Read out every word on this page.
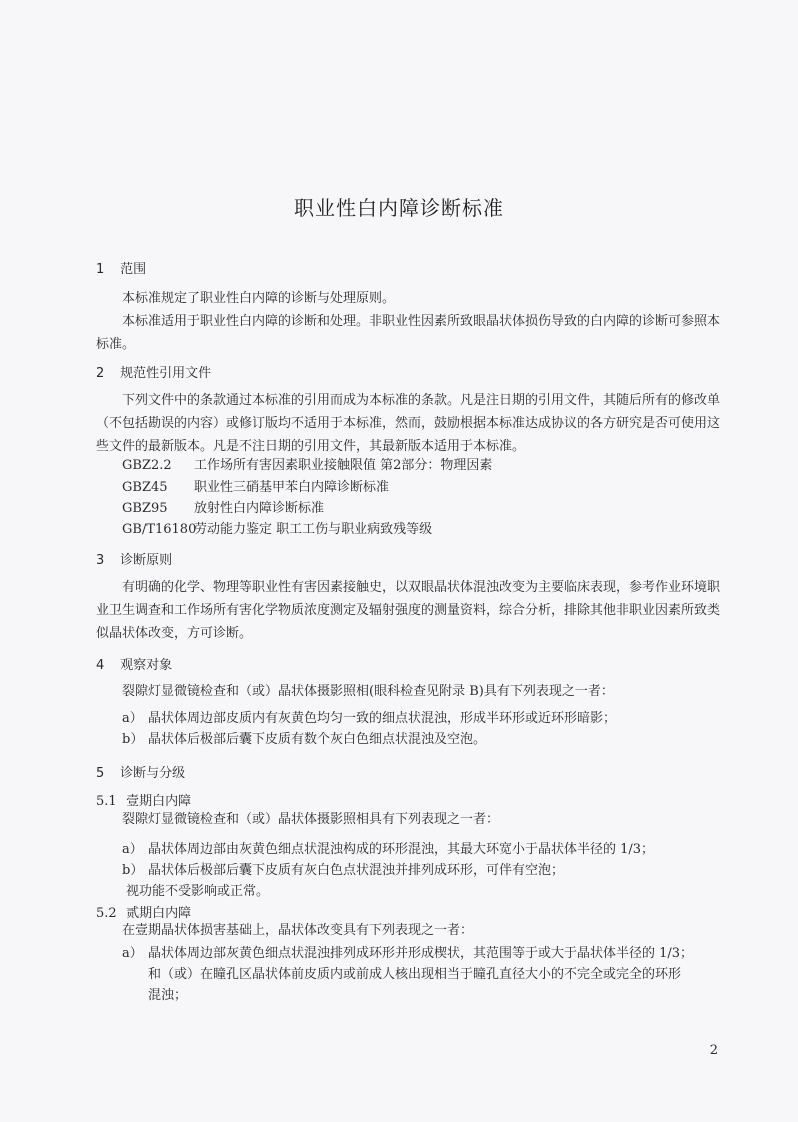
职业性白内障诊断标准
1 范围

本标准规定了职业性白内障的诊断与处理原则。

本标准适用于职业性白内障的诊断和处理。非职业性因素所致眼晶状体损伤导致的白内障的诊断可参照本标准。

2 规范性引用文件

下列文件中的条款通过本标准的引用而成为本标准的条款。凡是注日期的引用文件，其随后所有的修改单（不包括勘误的内容）或修订版均不适用于本标准，然而，鼓励根据本标准达成协议的各方研究是否可使用这些文件的最新版本。凡是不注日期的引用文件，其最新版本适用于本标准。

GBZ2.2 工作场所有害因素职业接触限值 第2部分：物理因素
GBZ45 职业性三硝基甲苯白内障诊断标准
GBZ95 放射性白内障诊断标准
GB/T16180劳动能力鉴定 职工工伤与职业病致残等级
3 诊断原则

有明确的化学、物理等职业性有害因素接触史，以双眼晶状体混浊改变为主要临床表现，参考作业环境职业卫生调查和工作场所有害化学物质浓度测定及辐射强度的测量资料，综合分析，排除其他非职业因素所致类似晶状体改变，方可诊断。

4 观察对象

裂隙灯显微镜检查和（或）晶状体摄影照相(眼科检查见附录 B)具有下列表现之一者：

a） 晶状体周边部皮质内有灰黄色均匀一致的细点状混浊，形成半环形或近环形暗影；
b） 晶状体后极部后囊下皮质有数个灰白色细点状混浊及空泡。
5 诊断与分级
5.1 壹期白内障
裂隙灯显微镜检查和（或）晶状体摄影照相具有下列表现之一者：
a） 晶状体周边部由灰黄色细点状混浊构成的环形混浊，其最大环宽小于晶状体半径的 1/3；
b） 晶状体后极部后囊下皮质有灰白色点状混浊并排列成环形，可伴有空泡；
视功能不受影响或正常。
5.2 贰期白内障
在壹期晶状体损害基础上，晶状体改变具有下列表现之一者：
a） 晶状体周边部灰黄色细点状混浊排列成环形并形成楔状，其范围等于或大于晶状体半径的 1/3；
和（或）在瞳孔区晶状体前皮质内或前成人核出现相当于瞳孔直径大小的不完全或完全的环形
混浊；
2
